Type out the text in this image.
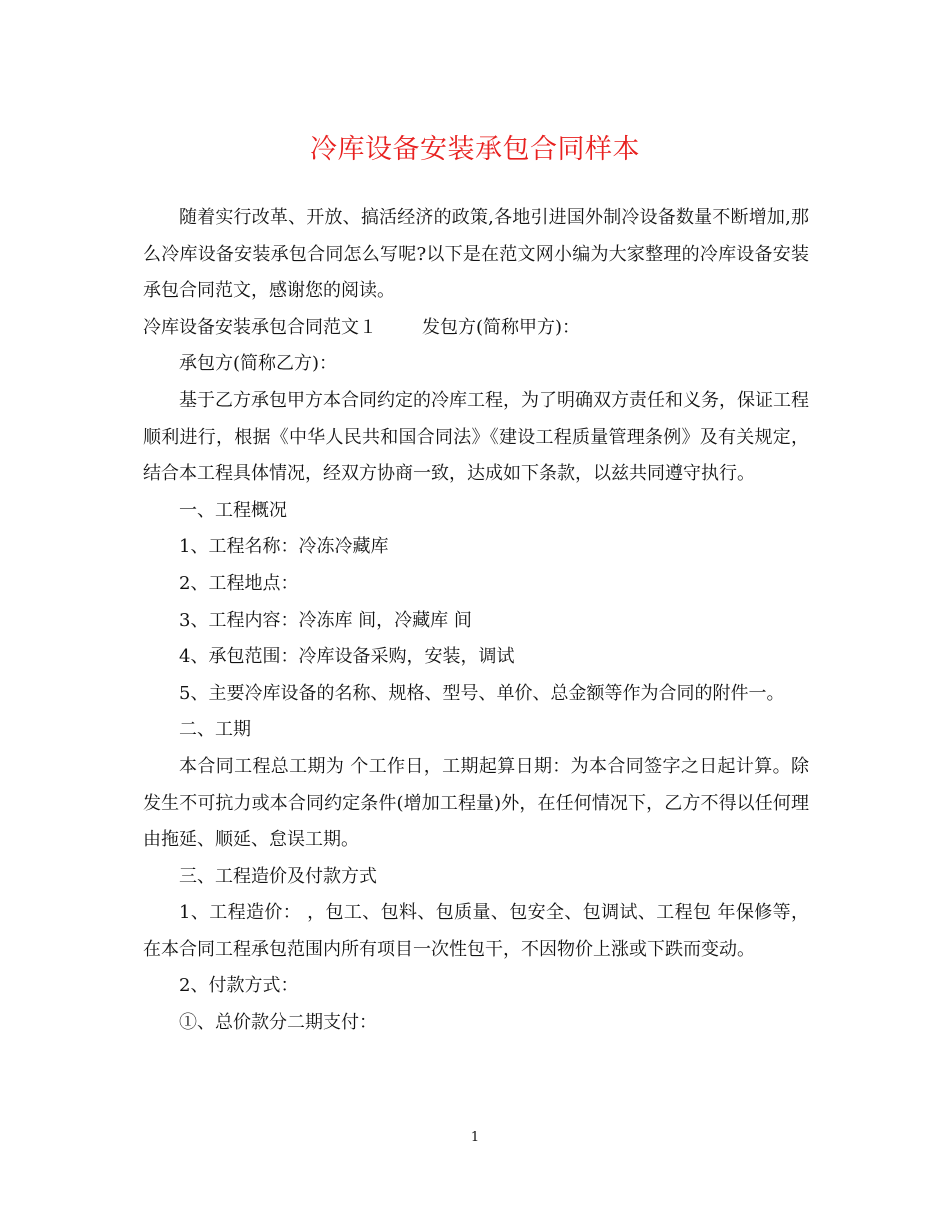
冷库设备安装承包合同样本

随着实行改革、开放、搞活经济的政策,各地引进国外制冷设备数量不断增加,那么冷库设备安装承包合同怎么写呢?以下是在范文网小编为大家整理的冷库设备安装承包合同范文，感谢您的阅读。

冷库设备安装承包合同范文１	发包方(简称甲方)：

承包方(简称乙方)：

基于乙方承包甲方本合同约定的冷库工程，为了明确双方责任和义务，保证工程顺利进行，根据《中华人民共和国合同法》《建设工程质量管理条例》及有关规定，结合本工程具体情况，经双方协商一致，达成如下条款，以兹共同遵守执行。

一、工程概况

1、工程名称：冷冻冷藏库

2、工程地点：

3、工程内容：冷冻库 间，冷藏库 间

4、承包范围：冷库设备采购，安装，调试

5、主要冷库设备的名称、规格、型号、单价、总金额等作为合同的附件一。

二、工期

本合同工程总工期为 个工作日，工期起算日期：为本合同签字之日起计算。除发生不可抗力或本合同约定条件(增加工程量)外，在任何情况下，乙方不得以任何理由拖延、顺延、怠误工期。

三、工程造价及付款方式

1、工程造价： ，包工、包料、包质量、包安全、包调试、工程包 年保修等，在本合同工程承包范围内所有项目一次性包干，不因物价上涨或下跌而变动。

2、付款方式：

①、总价款分二期支付：

1
